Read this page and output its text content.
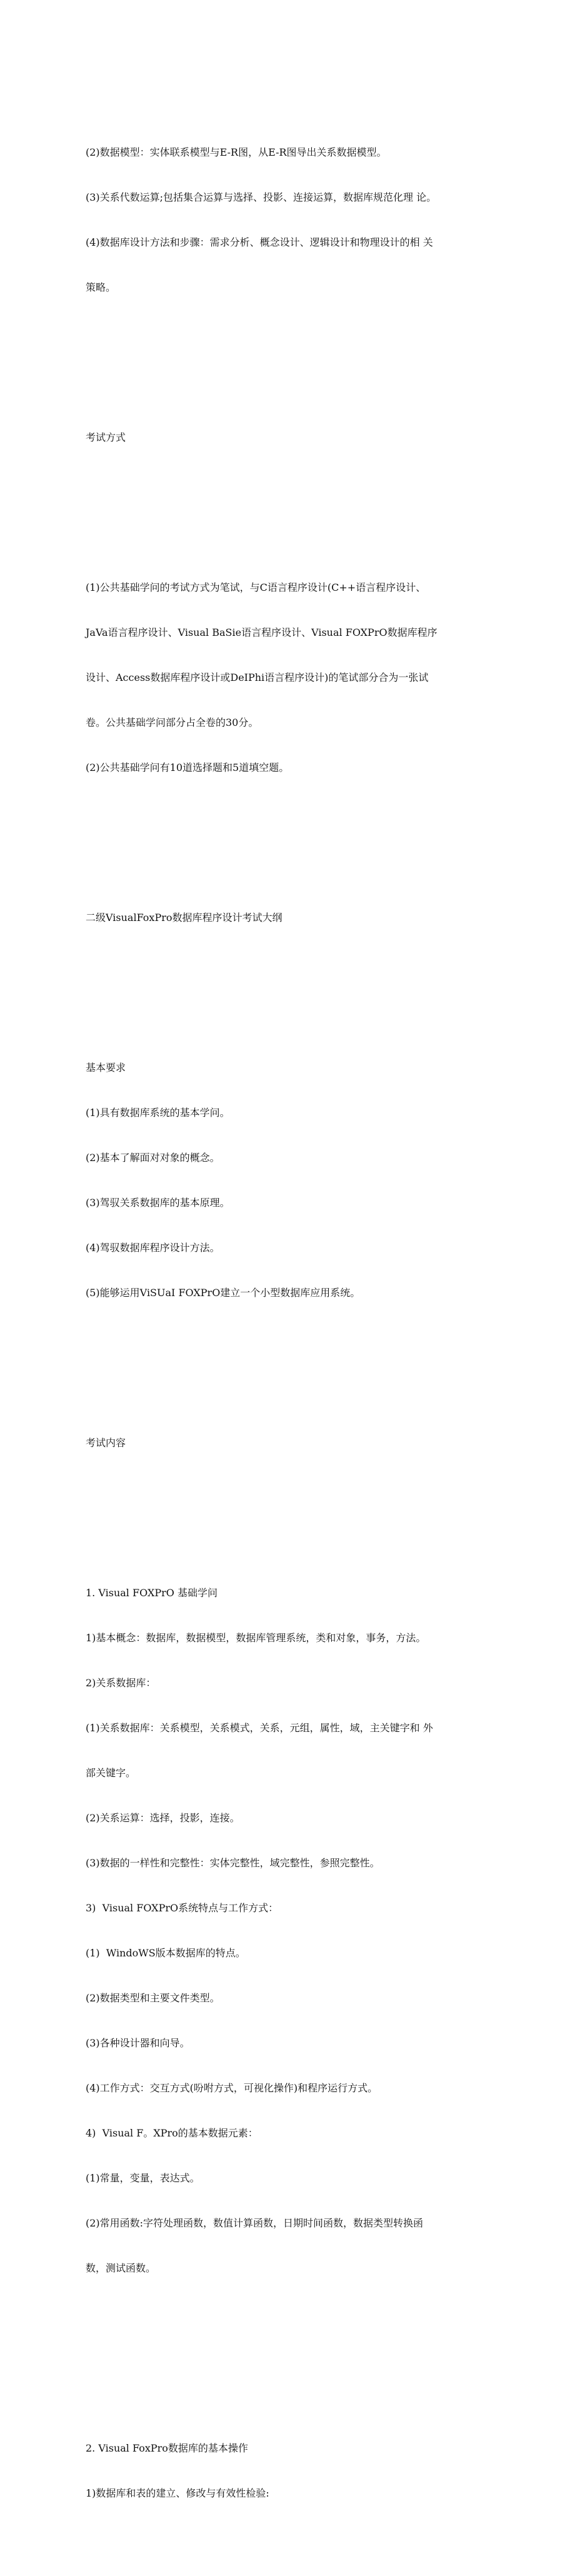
(2)数据模型：实体联系模型与E-R图，从E-R图导出关系数据模型。

(3)关系代数运算;包括集合运算与选择、投影、连接运算，数据库规范化理 论。

(4)数据库设计方法和步骤：需求分析、概念设计、逻辑设计和物理设计的相 关

策略。

考试方式

(1)公共基础学问的考试方式为笔试，与C语言程序设计(C++语言程序设计、

JaVa语言程序设计、Visual BaSie语言程序设计、Visual FOXPrO数据库程序

设计、Access数据库程序设计或DeIPhi语言程序设计)的笔试部分合为一张试

卷。公共基础学问部分占全卷的30分。

(2)公共基础学问有10道选择题和5道填空题。

二级VisualFoxPro数据库程序设计考试大纲

基本要求

(1)具有数据库系统的基本学问。

(2)基本了解面对对象的概念。

(3)驾驭关系数据库的基本原理。

(4)驾驭数据库程序设计方法。

(5)能够运用ViSUaI FOXPrO建立一个小型数据库应用系统。

考试内容

1. Visual FOXPrO 基础学问

1)基本概念：数据库，数据模型，数据库管理系统，类和对象，事务，方法。

2)关系数据库：

(1)关系数据库：关系模型，关系模式，关系，元组，属性，域，主关键字和 外

部关键字。

(2)关系运算：选择，投影，连接。

(3)数据的一样性和完整性：实体完整性，域完整性，参照完整性。

3)  Visual FOXPrO系统特点与工作方式：

(1)  WindoWS版本数据库的特点。

(2)数据类型和主要文件类型。

(3)各种设计器和向导。

(4)工作方式：交互方式(吩咐方式，可视化操作)和程序运行方式。

4)  Visual F。XPro的基本数据元素：

(1)常量，变量，表达式。

(2)常用函数:字符处理函数，数值计算函数，日期时间函数，数据类型转换函

数，测试函数。

2. Visual FoxPro数据库的基本操作

1)数据库和表的建立、修改与有效性检验:
